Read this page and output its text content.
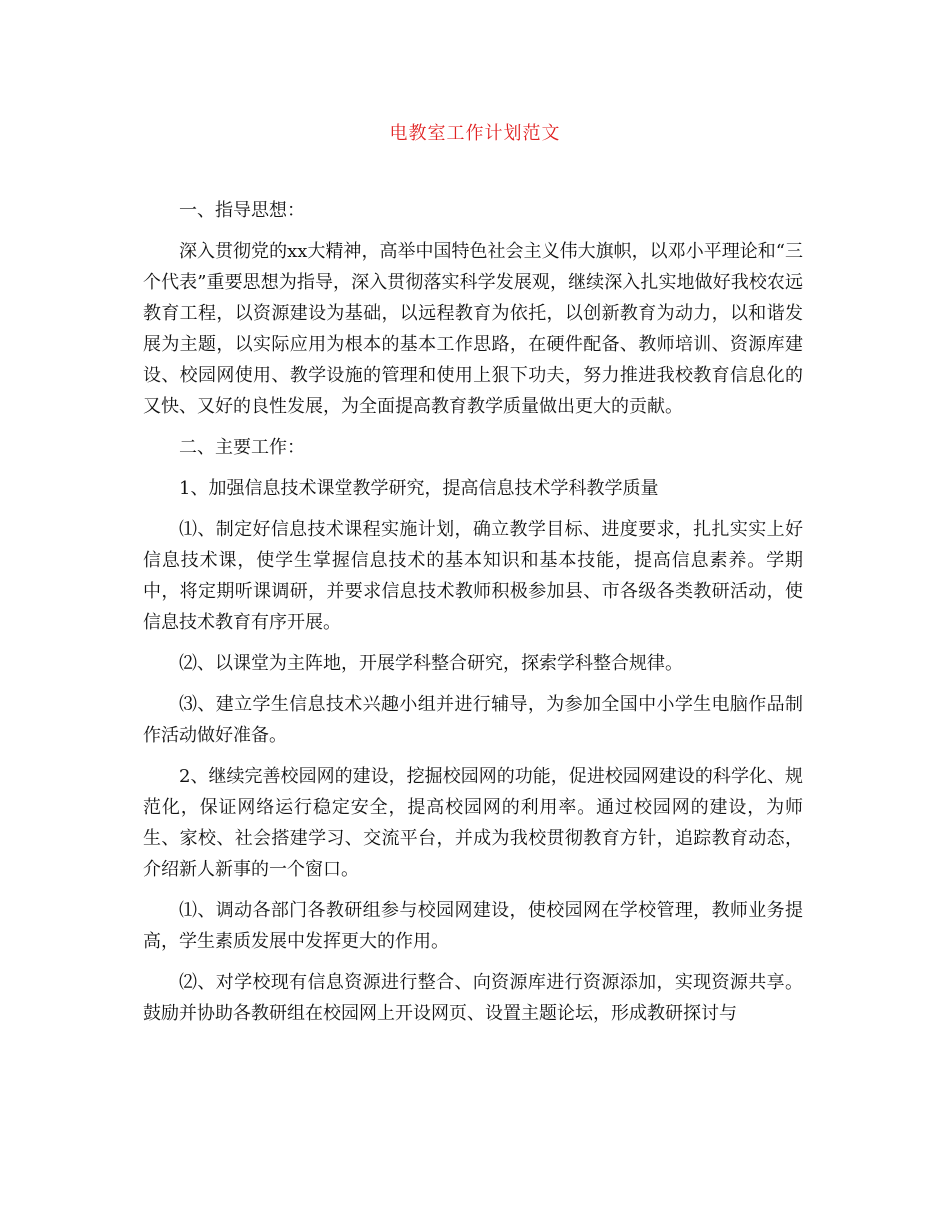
电教室工作计划范文

一、指导思想：

深入贯彻党的xx大精神，高举中国特色社会主义伟大旗帜，以邓小平理论和“三个代表”重要思想为指导，深入贯彻落实科学发展观，继续深入扎实地做好我校农远教育工程，以资源建设为基础，以远程教育为依托，以创新教育为动力，以和谐发展为主题，以实际应用为根本的基本工作思路，在硬件配备、教师培训、资源库建设、校园网使用、教学设施的管理和使用上狠下功夫，努力推进我校教育信息化的又快、又好的良性发展，为全面提高教育教学质量做出更大的贡献。

二、主要工作：

1、加强信息技术课堂教学研究，提高信息技术学科教学质量

⑴、制定好信息技术课程实施计划，确立教学目标、进度要求，扎扎实实上好信息技术课，使学生掌握信息技术的基本知识和基本技能，提高信息素养。学期中，将定期听课调研，并要求信息技术教师积极参加县、市各级各类教研活动，使信息技术教育有序开展。

⑵、以课堂为主阵地，开展学科整合研究，探索学科整合规律。

⑶、建立学生信息技术兴趣小组并进行辅导，为参加全国中小学生电脑作品制作活动做好准备。

2、继续完善校园网的建设，挖掘校园网的功能，促进校园网建设的科学化、规范化，保证网络运行稳定安全，提高校园网的利用率。通过校园网的建设，为师生、家校、社会搭建学习、交流平台，并成为我校贯彻教育方针，追踪教育动态，介绍新人新事的一个窗口。

⑴、调动各部门各教研组参与校园网建设，使校园网在学校管理，教师业务提高，学生素质发展中发挥更大的作用。

⑵、对学校现有信息资源进行整合、向资源库进行资源添加，实现资源共享。鼓励并协助各教研组在校园网上开设网页、设置主题论坛，形成教研探讨与
